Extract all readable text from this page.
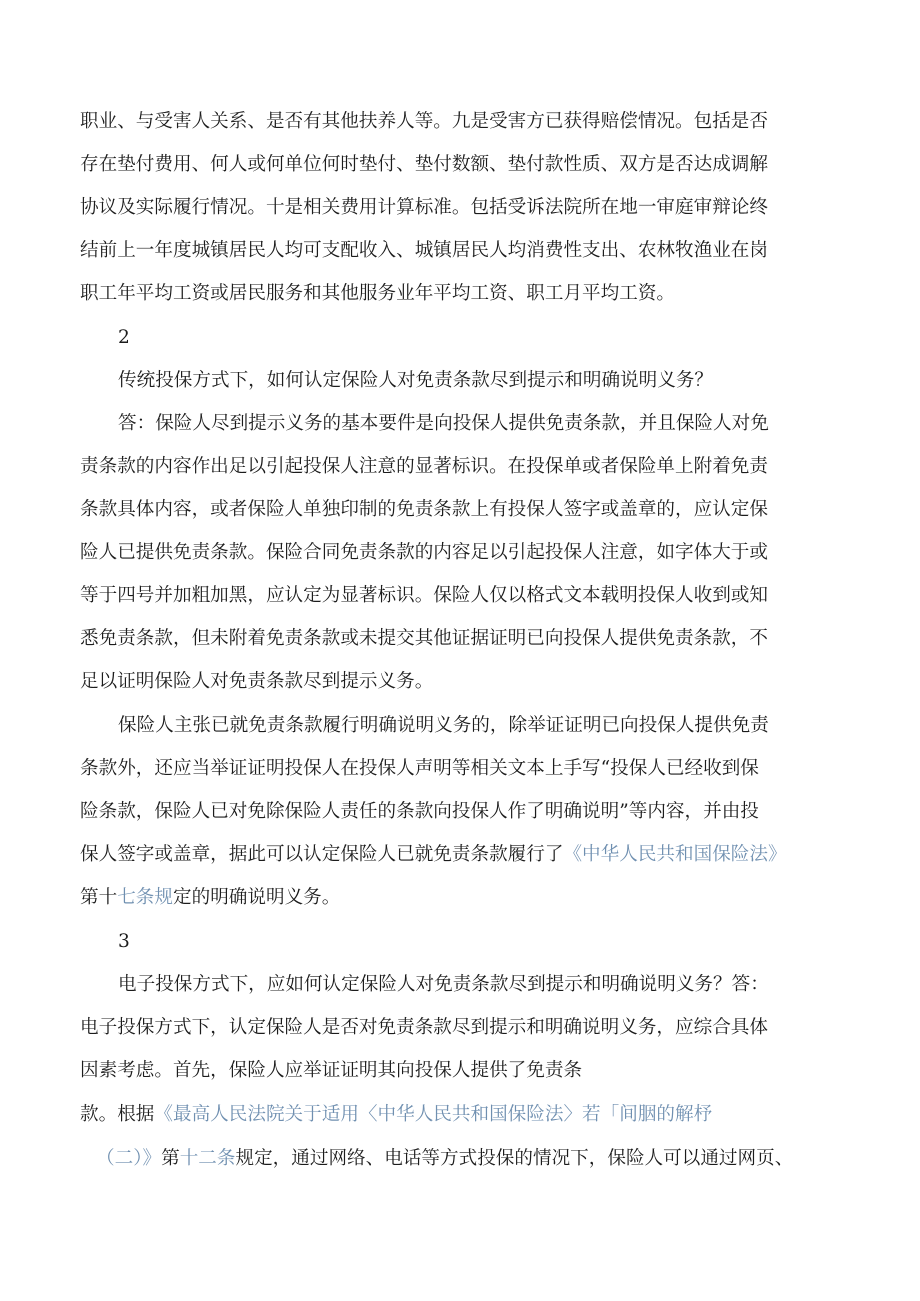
职业、与受害人关系、是否有其他扶养人等。九是受害方已获得赔偿情况。包括是否
存在垫付费用、何人或何单位何时垫付、垫付数额、垫付款性质、双方是否达成调解
协议及实际履行情况。十是相关费用计算标准。包括受诉法院所在地一审庭审辩论终
结前上一年度城镇居民人均可支配收入、城镇居民人均消费性支出、农林牧渔业在岗
职工年平均工资或居民服务和其他服务业年平均工资、职工月平均工资。
2
传统投保方式下，如何认定保险人对免责条款尽到提示和明确说明义务？
答：保险人尽到提示义务的基本要件是向投保人提供免责条款，并且保险人对免
责条款的内容作出足以引起投保人注意的显著标识。在投保单或者保险单上附着免责
条款具体内容，或者保险人单独印制的免责条款上有投保人签字或盖章的，应认定保
险人已提供免责条款。保险合同免责条款的内容足以引起投保人注意，如字体大于或
等于四号并加粗加黑，应认定为显著标识。保险人仅以格式文本载明投保人收到或知
悉免责条款，但未附着免责条款或未提交其他证据证明已向投保人提供免责条款，不
足以证明保险人对免责条款尽到提示义务。
保险人主张已就免责条款履行明确说明义务的，除举证证明已向投保人提供免责
条款外，还应当举证证明投保人在投保人声明等相关文本上手写“投保人已经收到保
险条款，保险人已对免除保险人责任的条款向投保人作了明确说明”等内容，并由投
保人签字或盖章，据此可以认定保险人已就免责条款履行了《中华人民共和国保险法》
第十七条规定的明确说明义务。
3
电子投保方式下，应如何认定保险人对免责条款尽到提示和明确说明义务？答：
电子投保方式下，认定保险人是否对免责条款尽到提示和明确说明义务，应综合具体
因素考虑。首先，保险人应举证证明其向投保人提供了免责条
款。根据《最高人民法院关于适用〈中华人民共和国保险法〉若「间胭的解杼
（二）》第十二条规定，通过网络、电话等方式投保的情况下，保险人可以通过网页、
